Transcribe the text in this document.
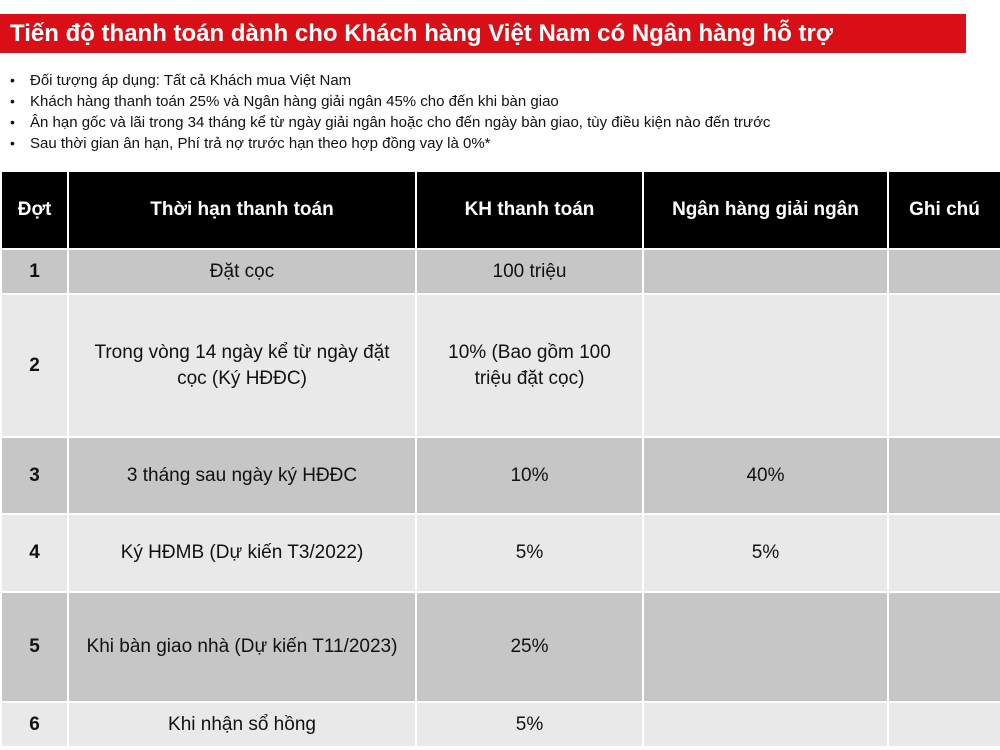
Tiến độ thanh toán dành cho Khách hàng Việt Nam có Ngân hàng hỗ trợ
• Đối tượng áp dụng: Tất cả Khách mua Việt Nam
• Khách hàng thanh toán 25% và Ngân hàng giải ngân 45% cho đến khi bàn giao
• Ân hạn gốc và lãi trong 34 tháng kể từ ngày giải ngân hoặc cho đến ngày bàn giao, tùy điều kiện nào đến trước
• Sau thời gian ân hạn, Phí trả nợ trước hạn theo hợp đồng vay là 0%*
Đợt	Thời hạn thanh toán	KH thanh toán	Ngân hàng giải ngân	Ghi chú
1	Đặt cọc	100 triệu		
2	Trong vòng 14 ngày kể từ ngày đặt cọc (Ký HĐĐC)	10% (Bao gồm 100 triệu đặt cọc)		
3	3 tháng sau ngày ký HĐĐC	10%	40%	
4	Ký HĐMB (Dự kiến T3/2022)	5%	5%	
5	Khi bàn giao nhà (Dự kiến T11/2023)	25%		
6	Khi nhận sổ hồng	5%		
